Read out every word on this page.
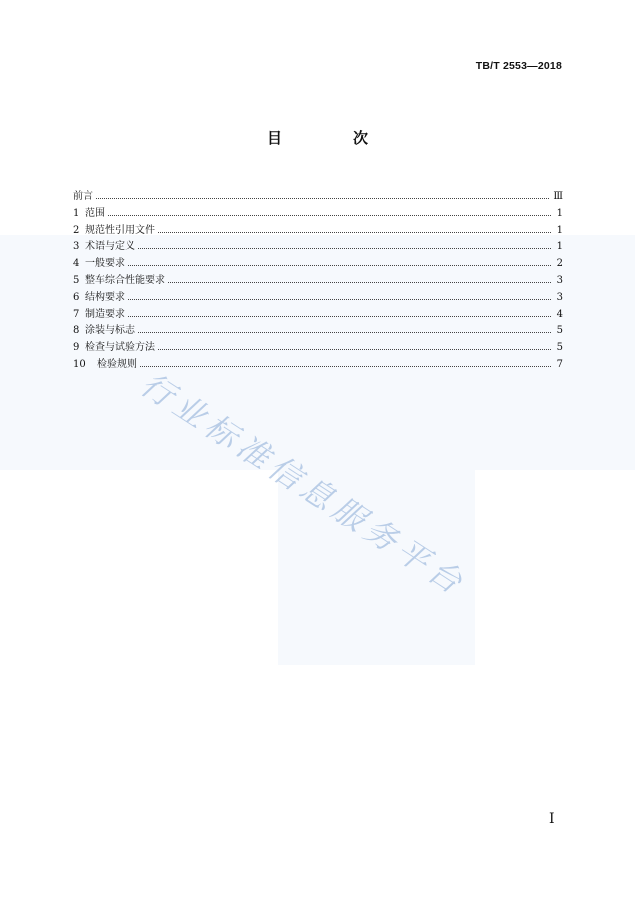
TB/T 2553—2018
目　次
前言	Ⅲ
1 范围	1
2 规范性引用文件	1
3 术语与定义	1
4 一般要求	2
5 整车综合性能要求	3
6 结构要求	3
7 制造要求	4
8 涂装与标志	5
9 检查与试验方法	5
10	检验规则	7
行业标准信息服务平台
I
